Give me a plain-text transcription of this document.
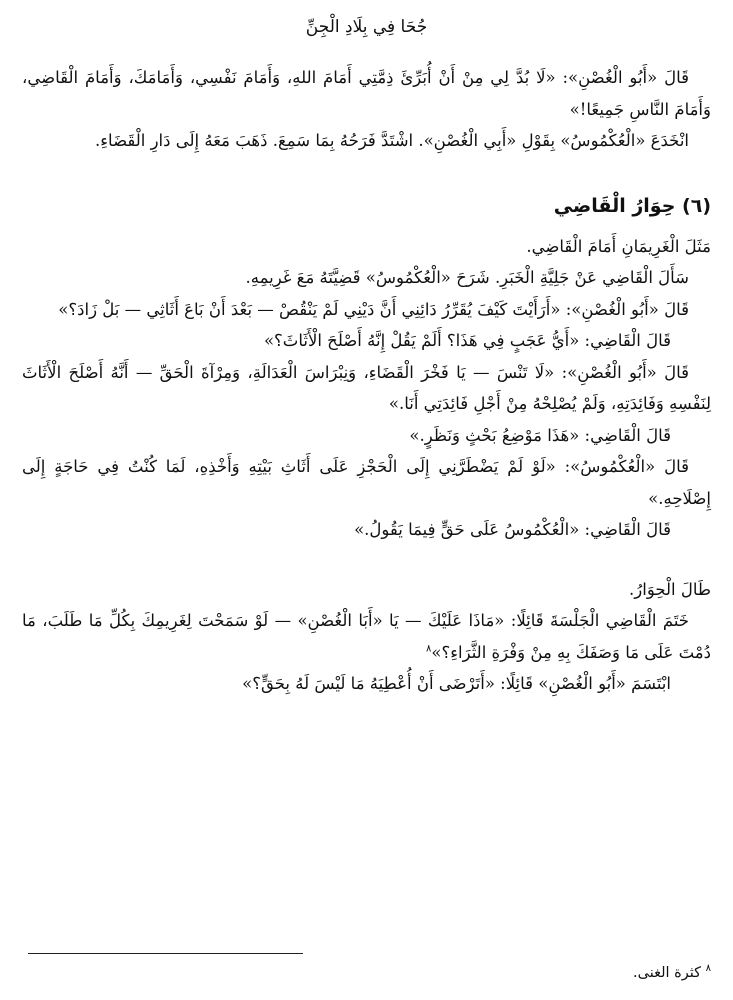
جُحَا فِي بِلَادِ الْجِنِّ

قَالَ «أَبُو الْغُصْنِ»: «لَا بُدَّ لِي مِنْ أَنْ أُبَرِّئَ ذِمَّتِي أَمَامَ اللهِ، وَأَمَامَ نَفْسِي، وَأَمَامَكَ، وَأَمَامَ الْقَاضِي، وَأَمَامَ النَّاسِ جَمِيعًا!»

انْخَدَعَ «الْعُكْمُوسُ» بِقَوْلِ «أَبِي الْغُصْنِ». اشْتَدَّ فَرَحُهُ بِمَا سَمِعَ. ذَهَبَ مَعَهُ إِلَى دَارِ الْقَضَاءِ.

(٦) حِوَارُ الْقَاضِي

مَثَلَ الْغَرِيمَانِ أَمَامَ الْقَاضِي.

سَأَلَ الْقَاضِي عَنْ جَلِيَّةِ الْخَبَرِ. شَرَحَ «الْعُكْمُوسُ» قَضِيَّتَهُ مَعَ غَرِيمِهِ.

قَالَ «أَبُو الْغُصْنِ»: «أَرَأَيْتَ كَيْفَ يُقَرِّرُ دَائِنِي أَنَّ دَيْنِي لَمْ يَنْقُصْ — بَعْدَ أَنْ بَاعَ أَثَاثِي — بَلْ زَادَ؟»

قَالَ الْقَاضِي: «أَيُّ عَجَبٍ فِي هَذَا؟ أَلَمْ يَقُلْ إِنَّهُ أَصْلَحَ الْأَثَاثَ؟»

قَالَ «أَبُو الْغُصْنِ»: «لَا تَنْسَ — يَا فَخْرَ الْقَضَاءِ، وَنِبْرَاسَ الْعَدَالَةِ، وَمِرْآةَ الْحَقِّ — أَنَّهُ أَصْلَحَ الْأَثَاثَ لِنَفْسِهِ وَفَائِدَتِهِ، وَلَمْ يُصْلِحْهُ مِنْ أَجْلِ فَائِدَتِي أَنَا.»

قَالَ الْقَاضِي: «هَذَا مَوْضِعُ بَحْثٍ وَنَظَرٍ.»

قَالَ «الْعُكْمُوسُ»: «لَوْ لَمْ يَضْطَرَّنِي إِلَى الْحَجْزِ عَلَى أَثَاثِ بَيْتِهِ وَأَخْذِهِ، لَمَا كُنْتُ فِي حَاجَةٍ إِلَى إِصْلَاحِهِ.»

قَالَ الْقَاضِي: «الْعُكْمُوسُ عَلَى حَقٍّ فِيمَا يَقُولُ.»

طَالَ الْحِوَارُ.

خَتَمَ الْقَاضِي الْجَلْسَةَ قَائِلًا: «مَاذَا عَلَيْكَ — يَا «أَبَا الْغُصْنِ» — لَوْ سَمَحْتَ لِغَرِيمِكَ بِكُلِّ مَا طَلَبَ، مَا دُمْتَ عَلَى مَا وَصَفَكَ بِهِ مِنْ وَفْرَةِ الثَّرَاءِ؟»$^٨$

ابْتَسَمَ «أَبُو الْغُصْنِ» قَائِلًا: «أَتَرْضَى أَنْ أُعْطِيَهُ مَا لَيْسَ لَهُ بِحَقٍّ؟»

$^٨$ كثرة الغنى.
